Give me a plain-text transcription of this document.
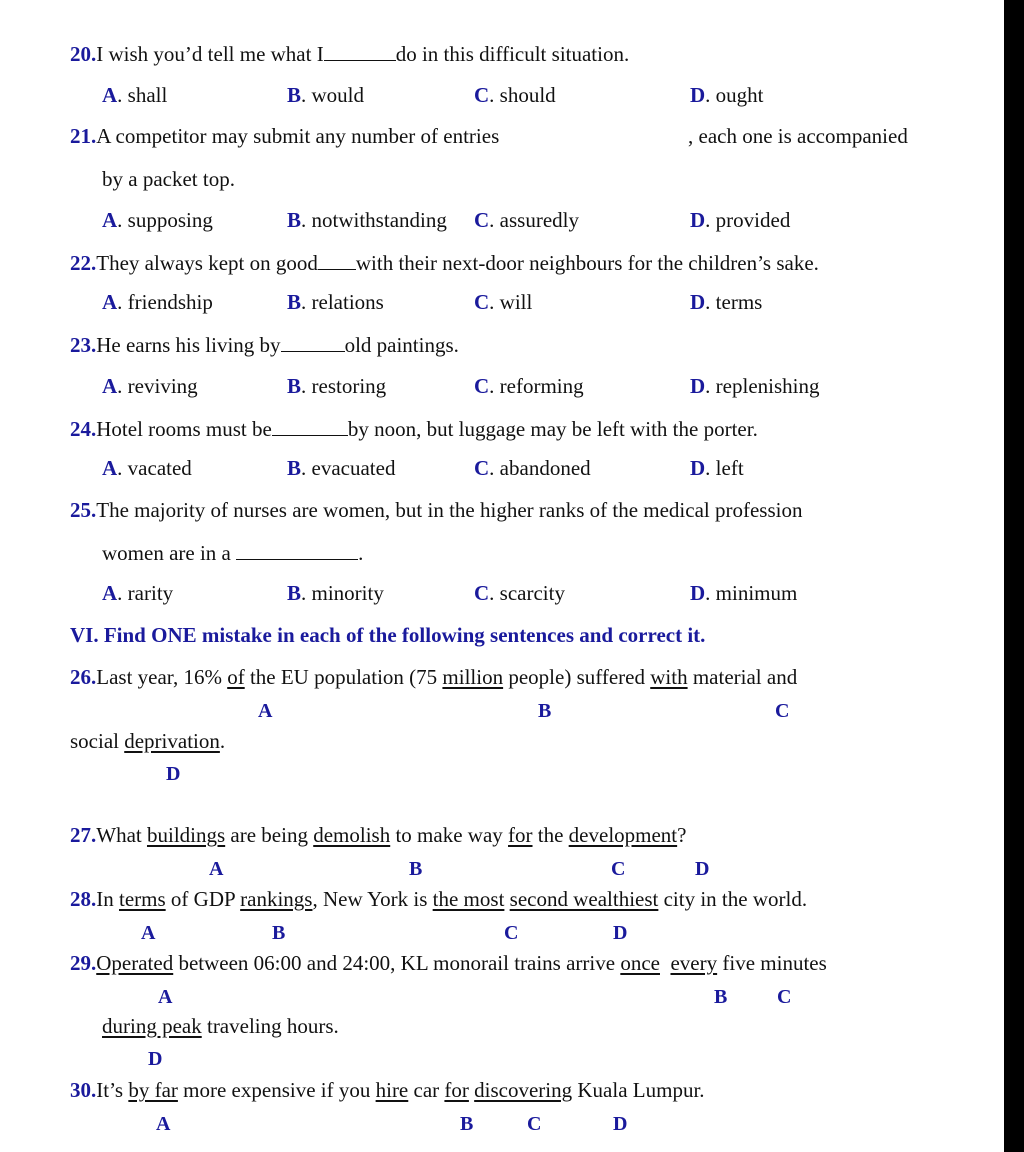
20.I wish you’d tell me what I	do in this difficult situation.
A. shall	B. would	C. should	D. ought
21.A competitor may submit any number of entries	, each one is accompanied
by a packet top.
A. supposing	B. notwithstanding C. assuredly	D. provided
22.They always kept on good with their next-door neighbours for the children’s sake.
A. friendship	B. relations	C. will	D. terms
23.He earns his living by	old paintings.
A. reviving	B. restoring	C. reforming	D. replenishing
24.Hotel rooms must be	by noon, but luggage may be left with the porter.
A. vacated	B. evacuated	C. abandoned	D. left
25.The majority of nurses are women, but in the higher ranks of the medical profession
women are in a	.
A. rarity	B. minority	C. scarcity	D. minimum
VI. Find ONE mistake in each of the following sentences and correct it.
26.Last year, 16% of the EU population (75 million people) suffered with material and
A	B	C
social deprivation.
D
27.What buildings are being demolish to make way for the development?
A	B	C	D
28.In terms of GDP rankings, New York is the most second wealthiest city in the world.
A	B	C	D
29.Operated between 06:00 and 24:00, KL monorail trains arrive once every five minutes
A	B C
during peak traveling hours.
D
30.It’s by far more expensive if you hire car for discovering Kuala Lumpur.
A	B	C	D
